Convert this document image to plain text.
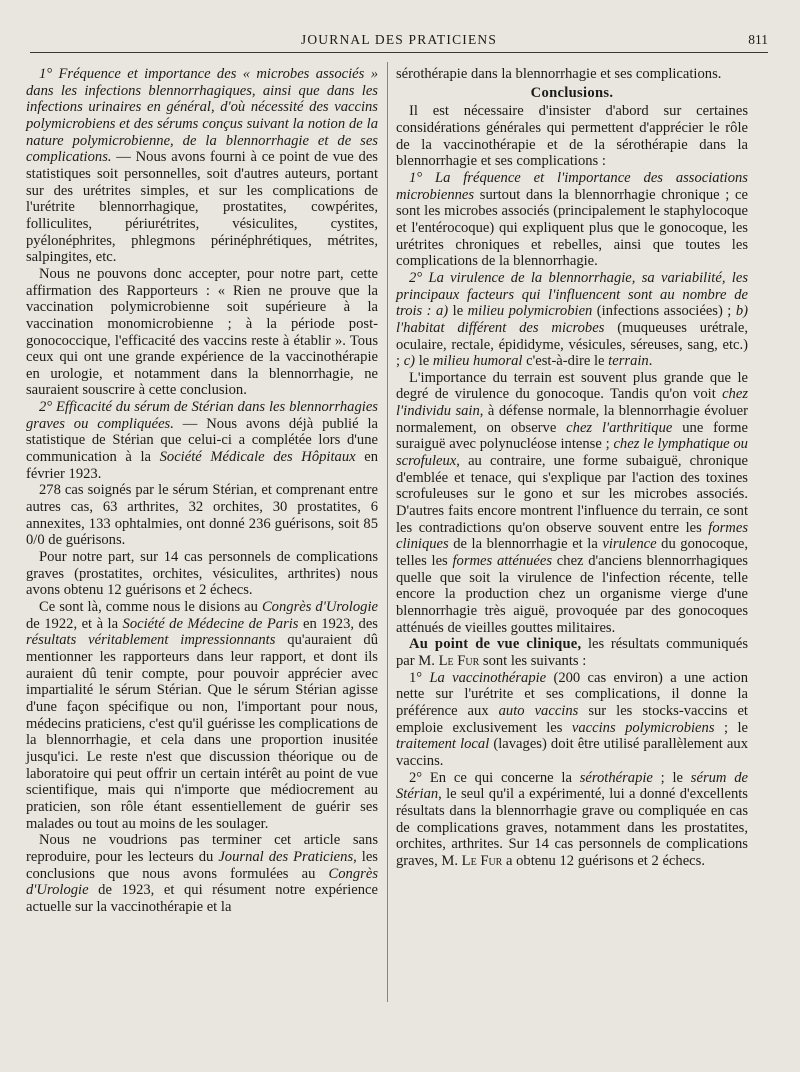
JOURNAL DES PRATICIENS	811

1° Fréquence et importance des « microbes associés » dans les infections blennorrhagiques, ainsi que dans les infections urinaires en général, d'où nécessité des vaccins polymicrobiens et des sérums conçus suivant la notion de la nature polymicrobienne, de la blennorrhagie et de ses complications. — Nous avons fourni à ce point de vue des statistiques soit personnelles, soit d'autres auteurs, portant sur des urétrites simples, et sur les complications de l'urétrite blennorrhagique, prostatites, cowpérites, folliculites, périurétrites, vésiculites, cystites, pyélonéphrites, phlegmons périnéphrétiques, métrites, salpingites, etc.

Nous ne pouvons donc accepter, pour notre part, cette affirmation des Rapporteurs : « Rien ne prouve que la vaccination polymicrobienne soit supérieure à la vaccination monomicrobienne ; à la période post-gonococcique, l'efficacité des vaccins reste à établir ». Tous ceux qui ont une grande expérience de la vaccinothérapie en urologie, et notamment dans la blennorrhagie, ne sauraient souscrire à cette conclusion.

2° Efficacité du sérum de Stérian dans les blennorrhagies graves ou compliquées. — Nous avons déjà publié la statistique de Stérian que celui-ci a complétée lors d'une communication à la Société Médicale des Hôpitaux en février 1923.

278 cas soignés par le sérum Stérian, et comprenant entre autres cas, 63 arthrites, 32 orchites, 30 prostatites, 6 annexites, 133 ophtalmies, ont donné 236 guérisons, soit 85 0/0 de guérisons.

Pour notre part, sur 14 cas personnels de complications graves (prostatites, orchites, vésiculites, arthrites) nous avons obtenu 12 guérisons et 2 échecs.

Ce sont là, comme nous le disions au Congrès d'Urologie de 1922, et à la Société de Médecine de Paris en 1923, des résultats véritablement impressionnants qu'auraient dû mentionner les rapporteurs dans leur rapport, et dont ils auraient dû tenir compte, pour pouvoir apprécier avec impartialité le sérum Stérian. Que le sérum Stérian agisse d'une façon spécifique ou non, l'important pour nous, médecins praticiens, c'est qu'il guérisse les complications de la blennorrhagie, et cela dans une proportion inusitée jusqu'ici. Le reste n'est que discussion théorique ou de laboratoire qui peut offrir un certain intérêt au point de vue scientifique, mais qui n'importe que médiocrement au praticien, son rôle étant essentiellement de guérir ses malades ou tout au moins de les soulager.

Nous ne voudrions pas terminer cet article sans reproduire, pour les lecteurs du Journal des Praticiens, les conclusions que nous avons formulées au Congrès d'Urologie de 1923, et qui résument notre expérience actuelle sur la vaccinothérapie et la

sérothérapie dans la blennorrhagie et ses complications.

Conclusions.

Il est nécessaire d'insister d'abord sur certaines considérations générales qui permettent d'apprécier le rôle de la vaccinothérapie et de la sérothérapie dans la blennorrhagie et ses complications :

1° La fréquence et l'importance des associations microbiennes surtout dans la blennorrhagie chronique ; ce sont les microbes associés (principalement le staphylocoque et l'entérocoque) qui expliquent plus que le gonocoque, les urétrites chroniques et rebelles, ainsi que toutes les complications de la blennorrhagie.

2° La virulence de la blennorrhagie, sa variabilité, les principaux facteurs qui l'influencent sont au nombre de trois : a) le milieu polymicrobien (infections associées) ; b) l'habitat différent des microbes (muqueuses urétrale, oculaire, rectale, épididyme, vésicules, séreuses, sang, etc.) ; c) le milieu humoral c'est-à-dire le terrain.

L'importance du terrain est souvent plus grande que le degré de virulence du gonocoque. Tandis qu'on voit chez l'individu sain, à défense normale, la blennorrhagie évoluer normalement, on observe chez l'arthritique une forme suraiguë avec polynucléose intense ; chez le lymphatique ou scrofuleux, au contraire, une forme subaiguë, chronique d'emblée et tenace, qui s'explique par l'action des toxines scrofuleuses sur le gono et sur les microbes associés. D'autres faits encore montrent l'influence du terrain, ce sont les contradictions qu'on observe souvent entre les formes cliniques de la blennorrhagie et la virulence du gonocoque, telles les formes atténuées chez d'anciens blennorrhagiques quelle que soit la virulence de l'infection récente, telle encore la production chez un organisme vierge d'une blennorrhagie très aiguë, provoquée par des gonocoques atténués de vieilles gouttes militaires.

Au point de vue clinique, les résultats communiqués par M. Le Fur sont les suivants :

1° La vaccinothérapie (200 cas environ) a une action nette sur l'urétrite et ses complications, il donne la préférence aux auto vaccins sur les stocks-vaccins et emploie exclusivement les vaccins polymicrobiens ; le traitement local (lavages) doit être utilisé parallèlement aux vaccins.

2° En ce qui concerne la sérothérapie ; le sérum de Stérian, le seul qu'il a expérimenté, lui a donné d'excellents résultats dans la blennorrhagie grave ou compliquée en cas de complications graves, notamment dans les prostatites, orchites, arthrites. Sur 14 cas personnels de complications graves, M. Le Fur a obtenu 12 guérisons et 2 échecs.
